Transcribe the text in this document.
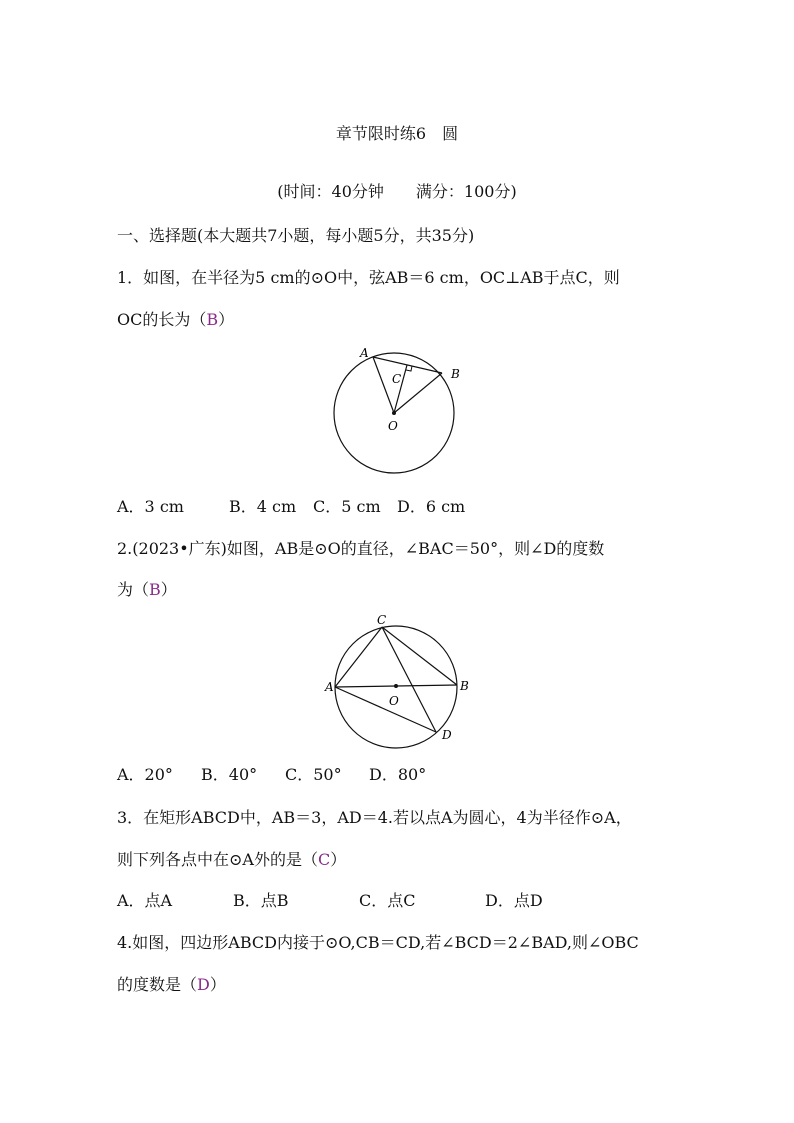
章节限时练6　圆
(时间：40分钟　　满分：100分)
一、选择题(本大题共7小题，每小题5分，共35分)
1．如图，在半径为5 cm的⊙O中，弦AB＝6 cm，OC⊥AB于点C，则
OC的长为（B）
A
B
C
O
A．3 cm	B．4 cm C．5 cm D．6 cm
2.(2023•广东)如图，AB是⊙O的直径，∠BAC＝50°，则∠D的度数
为（B）
C
A	B
O
D
A．20° B．40° C．50° D．80°
3．在矩形ABCD中，AB＝3，AD＝4.若以点A为圆心，4为半径作⊙A，
则下列各点中在⊙A外的是（C）
A．点A	B．点B	C．点C	D．点D
4.如图，四边形ABCD内接于⊙O,CB＝CD,若∠BCD＝2∠BAD,则∠OBC
的度数是（D）
